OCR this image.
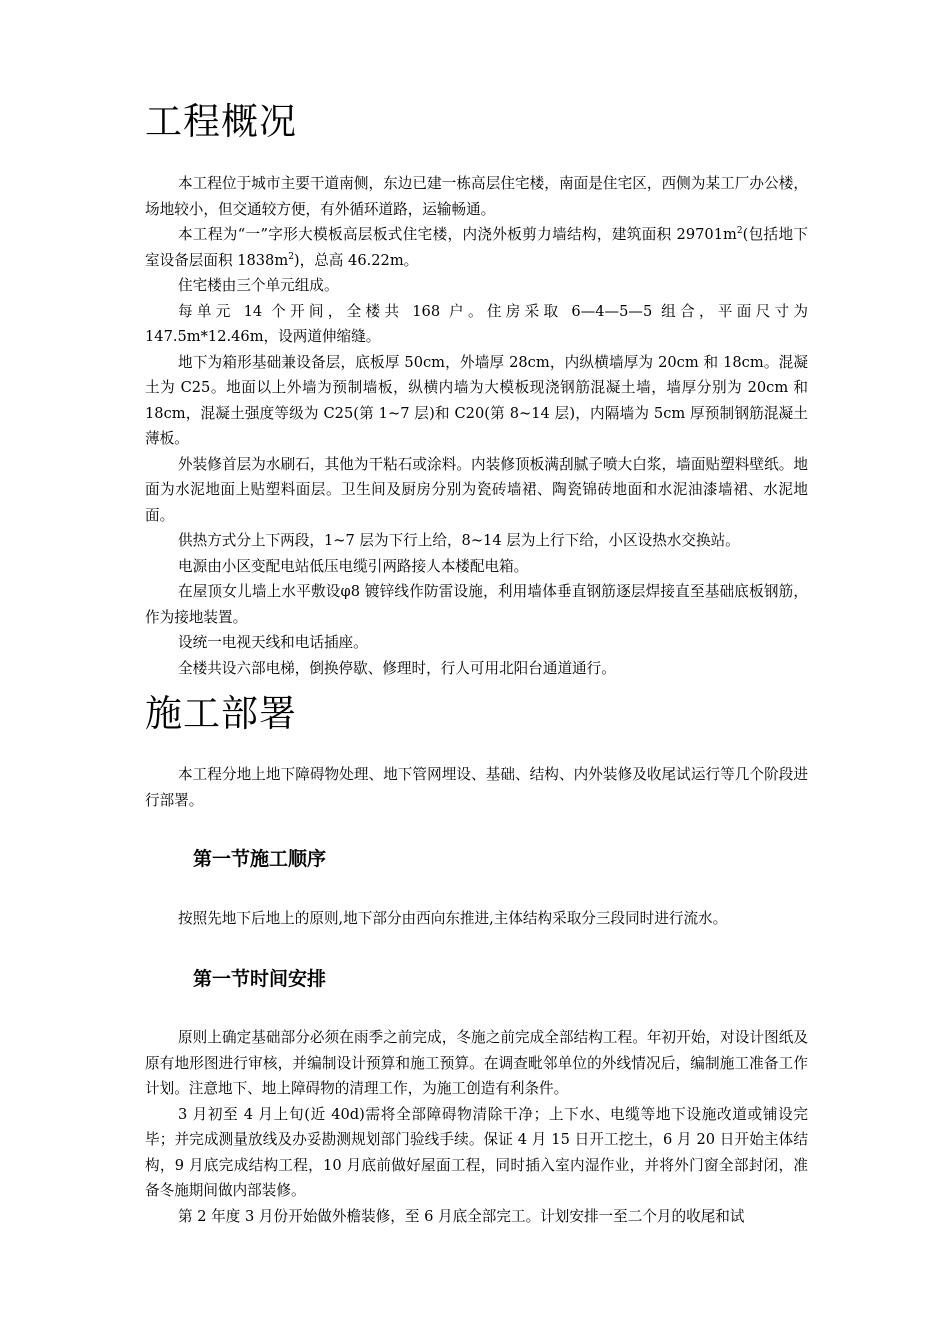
工程概况

本工程位于城市主要干道南侧，东边已建一栋高层住宅楼，南面是住宅区，西侧为某工厂办公楼，场地较小，但交通较方便，有外循环道路，运输畅通。

本工程为“一”字形大模板高层板式住宅楼，内浇外板剪力墙结构，建筑面积 $29701m^2$(包括地下室设备层面积 $1838m^2$)，总高 46.22m。

住宅楼由三个单元组成。

每单元 14 个开间，全楼共 168 户。住房采取 6—4—5—5 组合，平面尺寸为 147.5m*12.46m，设两道伸缩缝。

地下为箱形基础兼设备层，底板厚 50cm，外墙厚 28cm，内纵横墙厚为 20cm 和 18cm。混凝土为 C25。地面以上外墙为预制墙板，纵横内墙为大模板现浇钢筋混凝土墙，墙厚分别为 20cm 和 18cm，混凝土强度等级为 C25(第 1~7 层)和 C20(第 8~14 层)，内隔墙为 5cm 厚预制钢筋混凝土薄板。

外装修首层为水刷石，其他为干粘石或涂料。内装修顶板满刮腻子喷大白浆，墙面贴塑料壁纸。地面为水泥地面上贴塑料面层。卫生间及厨房分别为瓷砖墙裙、陶瓷锦砖地面和水泥油漆墙裙、水泥地面。

供热方式分上下两段，1~7 层为下行上给，8~14 层为上行下给，小区设热水交换站。

电源由小区变配电站低压电缆引两路接人本楼配电箱。

在屋顶女儿墙上水平敷设φ8 镀锌线作防雷设施，利用墙体垂直钢筋逐层焊接直至基础底板钢筋，作为接地装置。

设统一电视天线和电话插座。

全楼共设六部电梯，倒换停歇、修理时，行人可用北阳台通道通行。

施工部署

本工程分地上地下障碍物处理、地下管网埋设、基础、结构、内外装修及收尾试运行等几个阶段进行部署。

第一节施工顺序

按照先地下后地上的原则,地下部分由西向东推进,主体结构采取分三段同时进行流水。

第一节时间安排

原则上确定基础部分必须在雨季之前完成，冬施之前完成全部结构工程。年初开始，对设计图纸及原有地形图进行审核，并编制设计预算和施工预算。在调查毗邻单位的外线情况后，编制施工准备工作计划。注意地下、地上障碍物的清理工作，为施工创造有利条件。

3 月初至 4 月上旬(近 40d)需将全部障碍物清除干净；上下水、电缆等地下设施改道或铺设完毕；并完成测量放线及办妥勘测规划部门验线手续。保证 4 月 15 日开工挖土，6 月 20 日开始主体结构，9 月底完成结构工程，10 月底前做好屋面工程，同时插入室内湿作业，并将外门窗全部封闭，准备冬施期间做内部装修。

第 2 年度 3 月份开始做外檐装修，至 6 月底全部完工。计划安排一至二个月的收尾和试
